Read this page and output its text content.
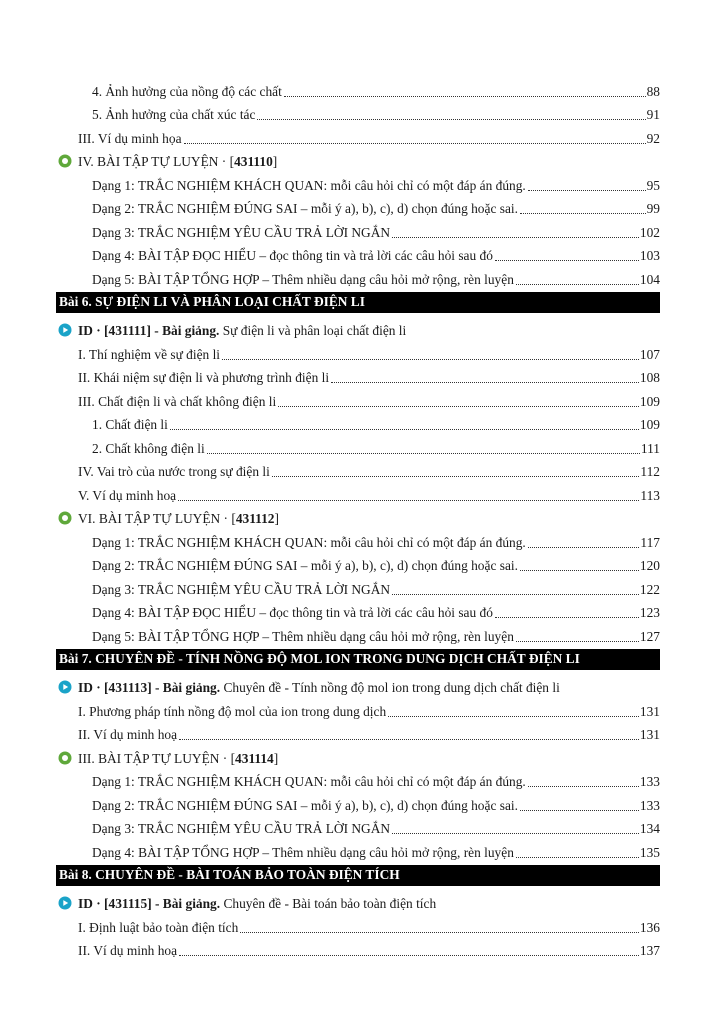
4. Ảnh hưởng của nồng độ các chất	88
5. Ảnh hưởng của chất xúc tác	91
III. Ví dụ minh họa	92
IV. BÀI TẬP TỰ LUYỆN · [ 431110 ]
Dạng 1: TRẮC NGHIỆM KHÁCH QUAN: mỗi câu hỏi chỉ có một đáp án đúng.	95
Dạng 2: TRẮC NGHIỆM ĐÚNG SAI – mỗi ý a), b), c), d) chọn đúng hoặc sai.	99
Dạng 3: TRẮC NGHIỆM YÊU CẦU TRẢ LỜI NGẮN	102
Dạng 4: BÀI TẬP ĐỌC HIỂU – đọc thông tin và trả lời các câu hỏi sau đó	103
Dạng 5: BÀI TẬP TỔNG HỢP – Thêm nhiều dạng câu hỏi mở rộng, rèn luyện	104
Bài 6. SỰ ĐIỆN LI VÀ PHÂN LOẠI CHẤT ĐIỆN LI
ID · [431111] - Bài giảng. Sự điện li và phân loại chất điện li
I. Thí nghiệm về sự điện li	107
II. Khái niệm sự điện li và phương trình điện li	108
III. Chất điện li và chất không điện li	109
1. Chất điện li	109
2. Chất không điện li	111
IV. Vai trò của nước trong sự điện li	112
V. Ví dụ minh hoạ	113
VI. BÀI TẬP TỰ LUYỆN · [ 431112 ]
Dạng 1: TRẮC NGHIỆM KHÁCH QUAN: mỗi câu hỏi chỉ có một đáp án đúng.	117
Dạng 2: TRẮC NGHIỆM ĐÚNG SAI – mỗi ý a), b), c), d) chọn đúng hoặc sai.	120
Dạng 3: TRẮC NGHIỆM YÊU CẦU TRẢ LỜI NGẮN	122
Dạng 4: BÀI TẬP ĐỌC HIỂU – đọc thông tin và trả lời các câu hỏi sau đó	123
Dạng 5: BÀI TẬP TỔNG HỢP – Thêm nhiều dạng câu hỏi mở rộng, rèn luyện	127
Bài 7. CHUYÊN ĐỀ - TÍNH NỒNG ĐỘ MOL ION TRONG DUNG DỊCH CHẤT ĐIỆN LI
ID · [431113] - Bài giảng. Chuyên đề - Tính nồng độ mol ion trong dung dịch chất điện li
I. Phương pháp tính nồng độ mol của ion trong dung dịch	131
II. Ví dụ minh hoạ	131
III. BÀI TẬP TỰ LUYỆN · [ 431114 ]
Dạng 1: TRẮC NGHIỆM KHÁCH QUAN: mỗi câu hỏi chỉ có một đáp án đúng.	133
Dạng 2: TRẮC NGHIỆM ĐÚNG SAI – mỗi ý a), b), c), d) chọn đúng hoặc sai.	133
Dạng 3: TRẮC NGHIỆM YÊU CẦU TRẢ LỜI NGẮN	134
Dạng 4: BÀI TẬP TỔNG HỢP – Thêm nhiều dạng câu hỏi mở rộng, rèn luyện	135
Bài 8. CHUYÊN ĐỀ - BÀI TOÁN BẢO TOÀN ĐIỆN TÍCH
ID · [431115] - Bài giảng. Chuyên đề - Bài toán bảo toàn điện tích
I. Định luật bảo toàn điện tích	136
II. Ví dụ minh hoạ	137
